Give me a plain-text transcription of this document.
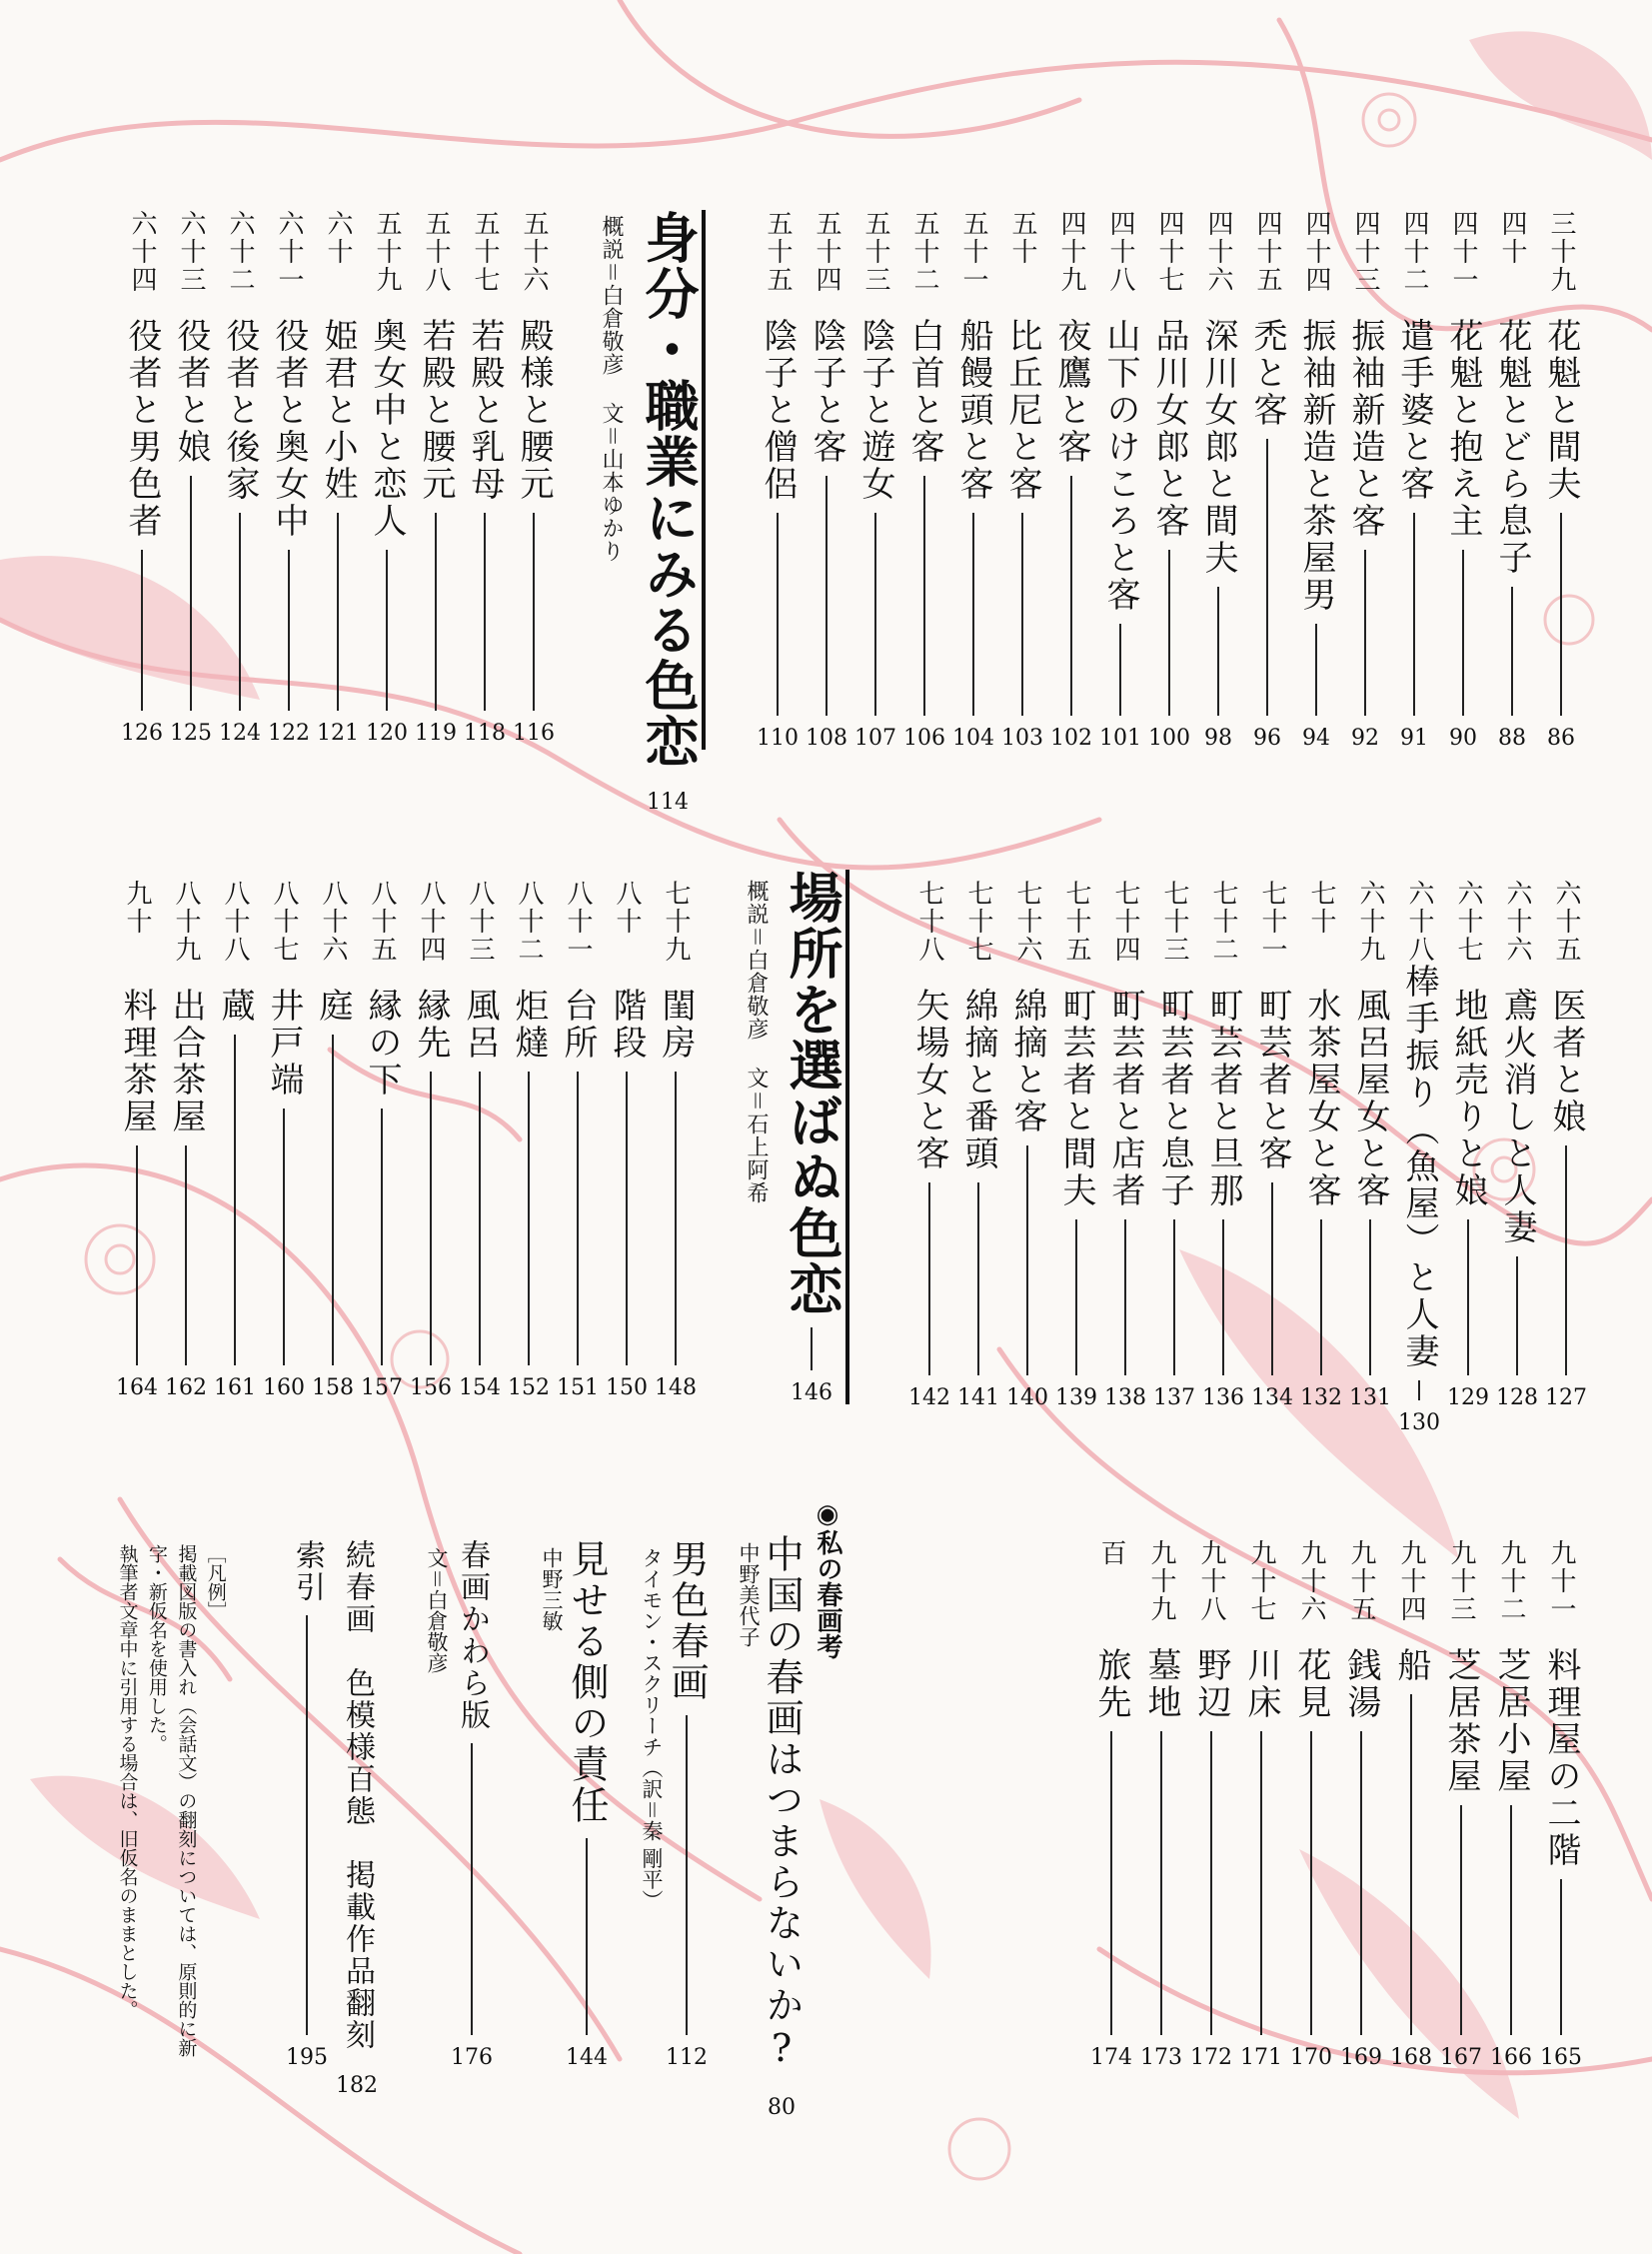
三十九
花魁と間夫
86
四十
花魁とどら息子
88
四十一
花魁と抱え主
90
四十二
遣手婆と客
91
四十三
振袖新造と客
92
四十四
振袖新造と茶屋男
94
四十五
禿と客
96
四十六
深川女郎と間夫
98
四十七
品川女郎と客
100
四十八
山下のけころと客
101
四十九
夜鷹と客
102
五十
比丘尼と客
103
五十一
船饅頭と客
104
五十二
白首と客
106
五十三
陰子と遊女
107
五十四
陰子と客
108
五十五
陰子と僧侶
110
身分・職業にみる色恋
114
概説＝白倉敬彦文＝山本ゆかり
五十六
殿様と腰元
116
五十七
若殿と乳母
118
五十八
若殿と腰元
119
五十九
奥女中と恋人
120
六十
姫君と小姓
121
六十一
役者と奥女中
122
六十二
役者と後家
124
六十三
役者と娘
125
六十四
役者と男色者
126
六十五
医者と娘
127
六十六
鳶火消しと人妻
128
六十七
地紙売りと娘
129
六十八
棒手振り（魚屋）と人妻
130
六十九
風呂屋女と客
131
七十
水茶屋女と客
132
七十一
町芸者と客
134
七十二
町芸者と旦那
136
七十三
町芸者と息子
137
七十四
町芸者と店者
138
七十五
町芸者と間夫
139
七十六
綿摘と客
140
七十七
綿摘と番頭
141
七十八
矢場女と客
142
場所を選ばぬ色恋
146
概説＝白倉敬彦文＝石上阿希
七十九
閨房
148
八十
階段
150
八十一
台所
151
八十二
炬燵
152
八十三
風呂
154
八十四
縁先
156
八十五
縁の下
157
八十六
庭
158
八十七
井戸端
160
八十八
蔵
161
八十九
出合茶屋
162
九十
料理茶屋
164
九十一
料理屋の二階
165
九十二
芝居小屋
166
九十三
芝居茶屋
167
九十四
船
168
九十五
銭湯
169
九十六
花見
170
九十七
川床
171
九十八
野辺
172
九十九
墓地
173
百
旅先
174
◉私の春画考
中国の春画はつまらないか?
80
中野美代子
男色春画
112
タイモン・スクリーチ（訳＝秦 剛平）
見せる側の責任
144
中野三敏
春画かわら版
176
文＝白倉敬彦
続春画　色模様百態　掲載作品翻刻
182
索引
195
［凡例］
掲載図版の書入れ（会話文）の翻刻については、原則的に新
字・新仮名を使用した。
執筆者文章中に引用する場合は、旧仮名のままとした。
